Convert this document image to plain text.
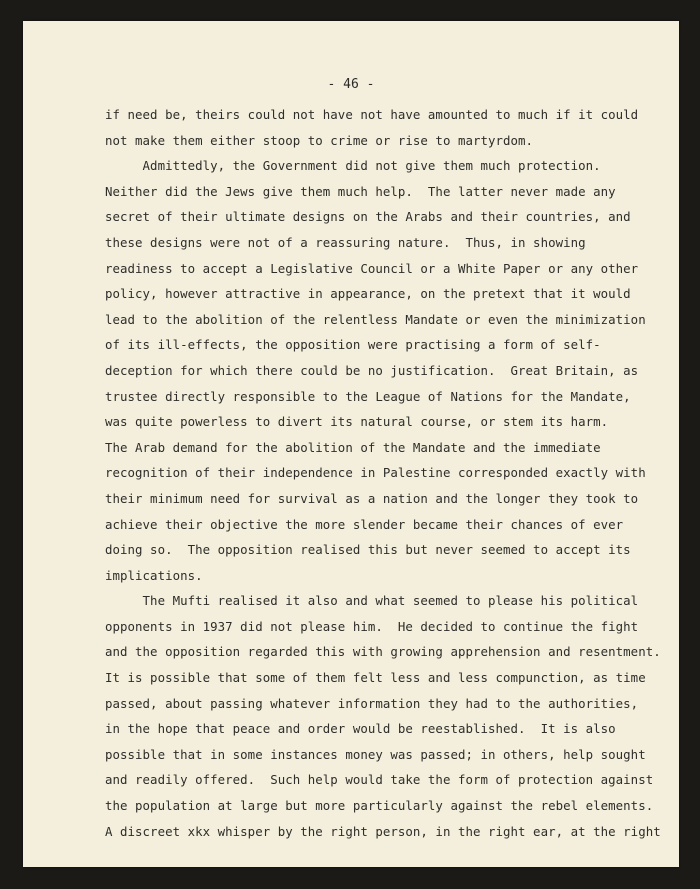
- 46 -
if need be, theirs could not have not have amounted to much if it could
not make them either stoop to crime or rise to martyrdom.
Admittedly, the Government did not give them much protection.
Neither did the Jews give them much help.  The latter never made any
secret of their ultimate designs on the Arabs and their countries, and
these designs were not of a reassuring nature.  Thus, in showing
readiness to accept a Legislative Council or a White Paper or any other
policy, however attractive in appearance, on the pretext that it would
lead to the abolition of the relentless Mandate or even the minimization
of its ill-effects, the opposition were practising a form of self-
deception for which there could be no justification.  Great Britain, as
trustee directly responsible to the League of Nations for the Mandate,
was quite powerless to divert its natural course, or stem its harm.
The Arab demand for the abolition of the Mandate and the immediate
recognition of their independence in Palestine corresponded exactly with
their minimum need for survival as a nation and the longer they took to
achieve their objective the more slender became their chances of ever
doing so.  The opposition realised this but never seemed to accept its
implications.
The Mufti realised it also and what seemed to please his political
opponents in 1937 did not please him.  He decided to continue the fight
and the opposition regarded this with growing apprehension and resentment.
It is possible that some of them felt less and less compunction, as time
passed, about passing whatever information they had to the authorities,
in the hope that peace and order would be reestablished.  It is also
possible that in some instances money was passed; in others, help sought
and readily offered.  Such help would take the form of protection against
the population at large but more particularly against the rebel elements.
A discreet xkx whisper by the right person, in the right ear, at the right
